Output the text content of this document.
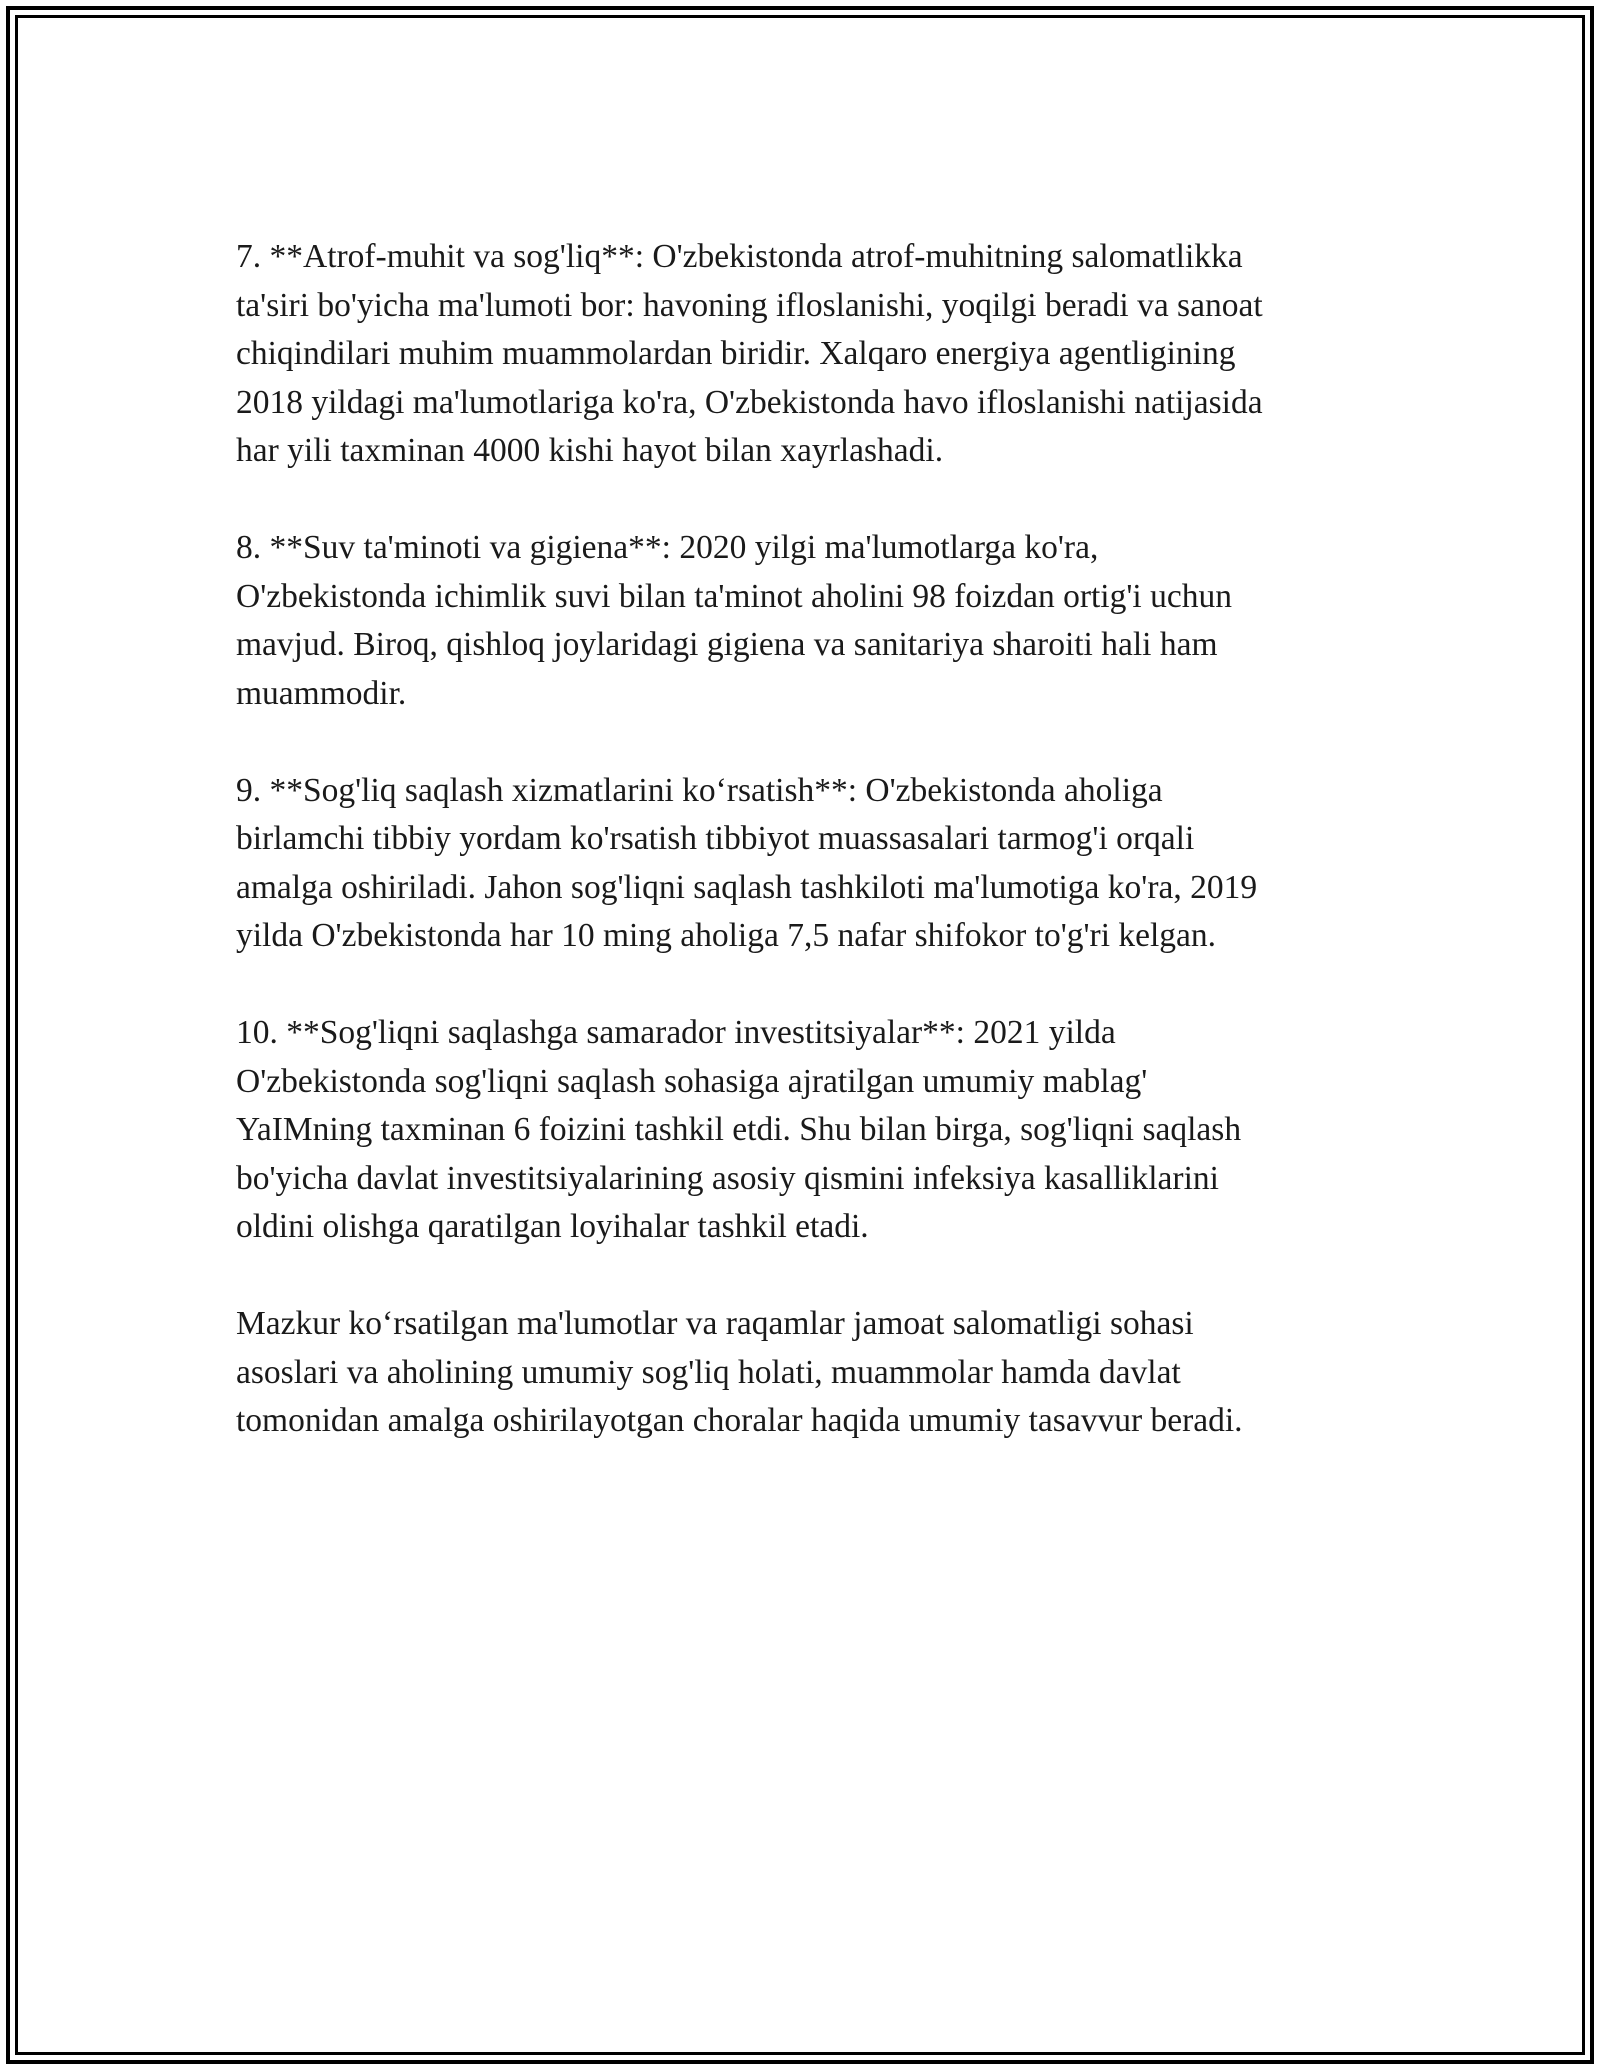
7. **Atrof-muhit va sog'liq**: O'zbekistonda atrof-muhitning salomatlikka
ta'siri bo'yicha ma'lumoti bor: havoning ifloslanishi, yoqilgi beradi va sanoat
chiqindilari muhim muammolardan biridir. Xalqaro energiya agentligining
2018 yildagi ma'lumotlariga ko'ra, O'zbekistonda havo ifloslanishi natijasida
har yili taxminan 4000 kishi hayot bilan xayrlashadi.

8. **Suv ta'minoti va gigiena**: 2020 yilgi ma'lumotlarga ko'ra,
O'zbekistonda ichimlik suvi bilan ta'minot aholini 98 foizdan ortig'i uchun
mavjud. Biroq, qishloq joylaridagi gigiena va sanitariya sharoiti hali ham
muammodir.

9. **Sog'liq saqlash xizmatlarini ko‘rsatish**: O'zbekistonda aholiga
birlamchi tibbiy yordam ko'rsatish tibbiyot muassasalari tarmog'i orqali
amalga oshiriladi. Jahon sog'liqni saqlash tashkiloti ma'lumotiga ko'ra, 2019
yilda O'zbekistonda har 10 ming aholiga 7,5 nafar shifokor to'g'ri kelgan.

10. **Sog'liqni saqlashga samarador investitsiyalar**: 2021 yilda
O'zbekistonda sog'liqni saqlash sohasiga ajratilgan umumiy mablag'
YaIMning taxminan 6 foizini tashkil etdi. Shu bilan birga, sog'liqni saqlash
bo'yicha davlat investitsiyalarining asosiy qismini infeksiya kasalliklarini
oldini olishga qaratilgan loyihalar tashkil etadi.

Mazkur ko‘rsatilgan ma'lumotlar va raqamlar jamoat salomatligi sohasi
asoslari va aholining umumiy sog'liq holati, muammolar hamda davlat
tomonidan amalga oshirilayotgan choralar haqida umumiy tasavvur beradi.
